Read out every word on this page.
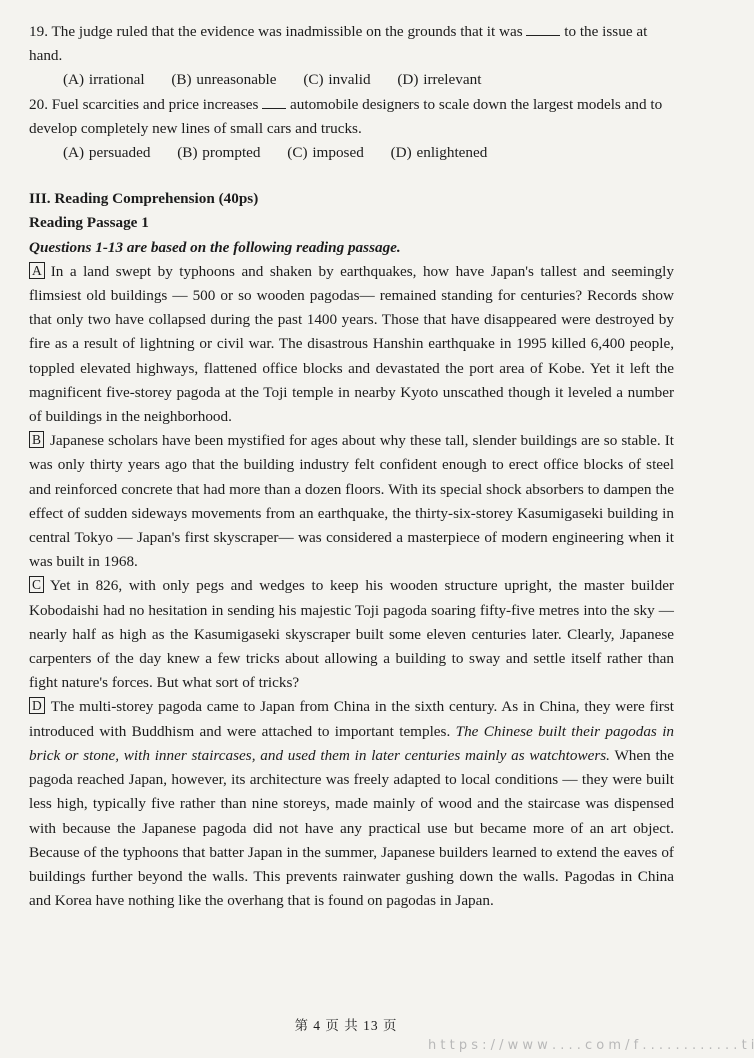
19. The judge ruled that the evidence was inadmissible on the grounds that it was  to the issue at hand.
(A) irrational (B) unreasonable (C) invalid (D) irrelevant
20. Fuel scarcities and price increases  automobile designers to scale down the largest models and to develop completely new lines of small cars and trucks.
(A) persuaded (B) prompted (C) imposed (D) enlightened
III. Reading Comprehension (40ps)
Reading Passage 1
Questions 1-13 are based on the following reading passage.
A In a land swept by typhoons and shaken by earthquakes, how have Japan's tallest and seemingly flimsiest old buildings — 500 or so wooden pagodas— remained standing for centuries? Records show that only two have collapsed during the past 1400 years. Those that have disappeared were destroyed by fire as a result of lightning or civil war. The disastrous Hanshin earthquake in 1995 killed 6,400 people, toppled elevated highways, flattened office blocks and devastated the port area of Kobe. Yet it left the magnificent five-storey pagoda at the Toji temple in nearby Kyoto unscathed though it leveled a number of buildings in the neighborhood.
B Japanese scholars have been mystified for ages about why these tall, slender buildings are so stable. It was only thirty years ago that the building industry felt confident enough to erect office blocks of steel and reinforced concrete that had more than a dozen floors. With its special shock absorbers to dampen the effect of sudden sideways movements from an earthquake, the thirty-six-storey Kasumigaseki building in central Tokyo — Japan's first skyscraper— was considered a masterpiece of modern engineering when it was built in 1968.
C Yet in 826, with only pegs and wedges to keep his wooden structure upright, the master builder Kobodaishi had no hesitation in sending his majestic Toji pagoda soaring fifty-five metres into the sky — nearly half as high as the Kasumigaseki skyscraper built some eleven centuries later. Clearly, Japanese carpenters of the day knew a few tricks about allowing a building to sway and settle itself rather than fight nature's forces. But what sort of tricks?
D The multi-storey pagoda came to Japan from China in the sixth century. As in China, they were first introduced with Buddhism and were attached to important temples. The Chinese built their pagodas in brick or stone, with inner staircases, and used them in later centuries mainly as watchtowers. When the pagoda reached Japan, however, its architecture was freely adapted to local conditions — they were built less high, typically five rather than nine storeys, made mainly of wood and the staircase was dispensed with because the Japanese pagoda did not have any practical use but became more of an art object. Because of the typhoons that batter Japan in the summer, Japanese builders learned to extend the eaves of buildings further beyond the walls. This prevents rainwater gushing down the walls. Pagodas in China and Korea have nothing like the overhang that is found on pagodas in Japan.
第 4 页 共 13 页
h t t p s : / / w w w . . . . c o m / f . . . . . . . . . . . . t i
